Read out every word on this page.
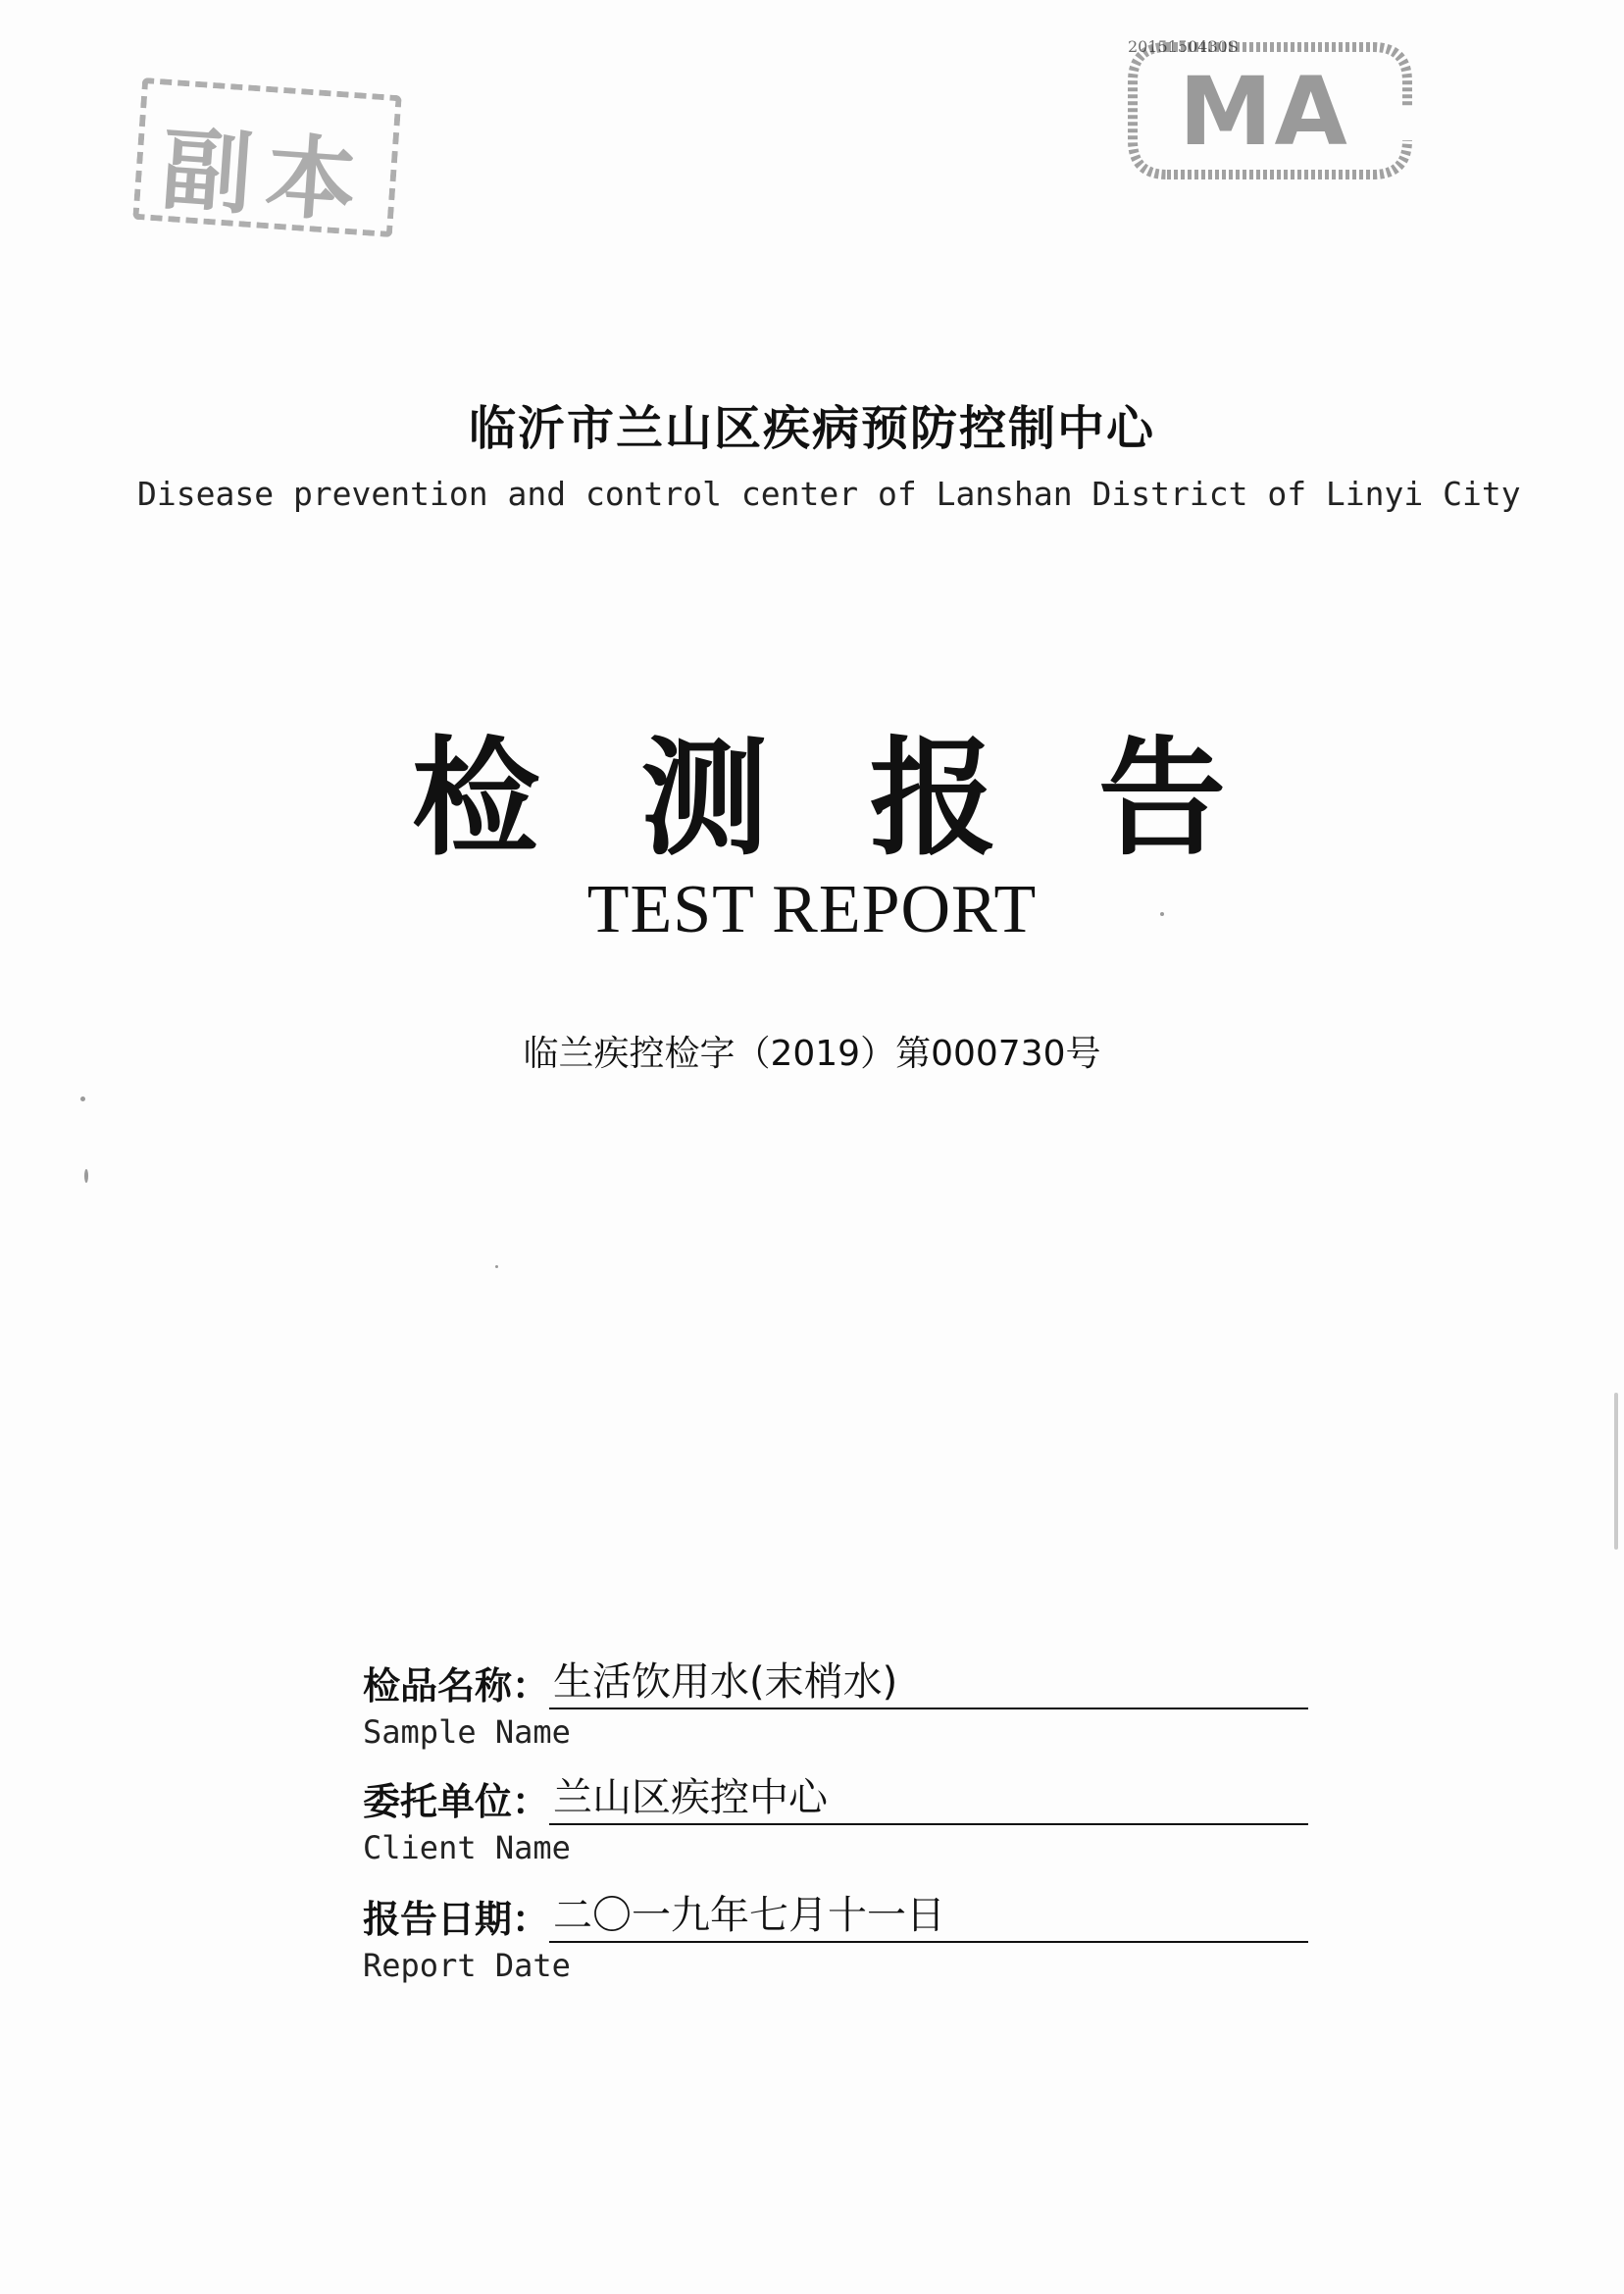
副本
MA
2015150430S
临沂市兰山区疾病预防控制中心
Disease prevention and control center of Lanshan District of Linyi City
检 测 报 告
TEST REPORT
临兰疾控检字（2019）第000730号
检品名称： 生活饮用水(末梢水)
Sample Name
委托单位： 兰山区疾控中心
Client Name
报告日期： 二〇一九年七月十一日
Report Date
